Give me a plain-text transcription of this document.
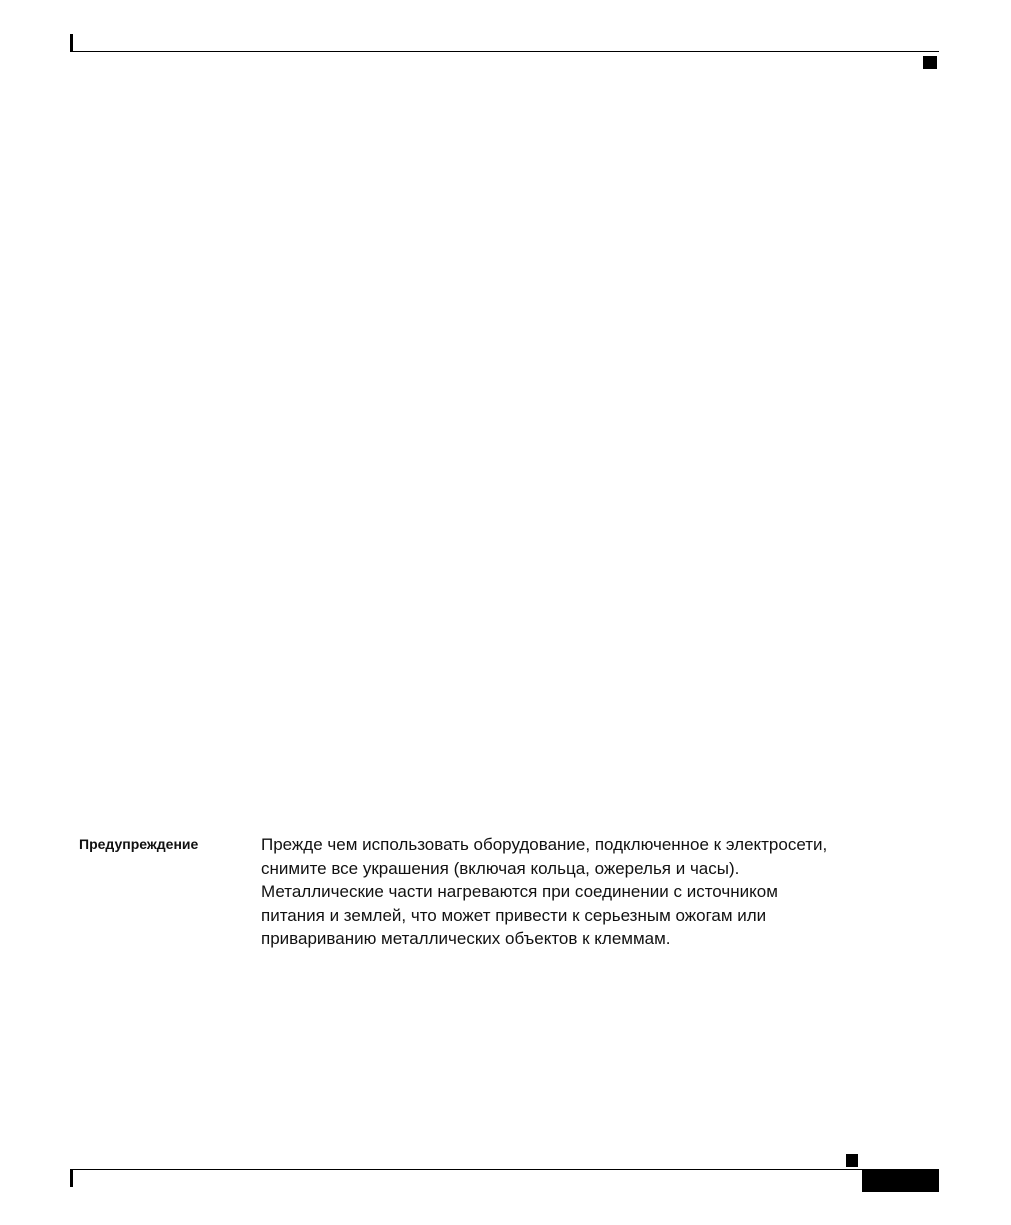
Предупреждение	Прежде чем использовать оборудование, подключенное к электросети,
снимите все украшения (включая кольца, ожерелья и часы).
Металлические части нагреваются при соединении с источником
питания и землей, что может привести к серьезным ожогам или
привариванию металлических объектов к клеммам.
